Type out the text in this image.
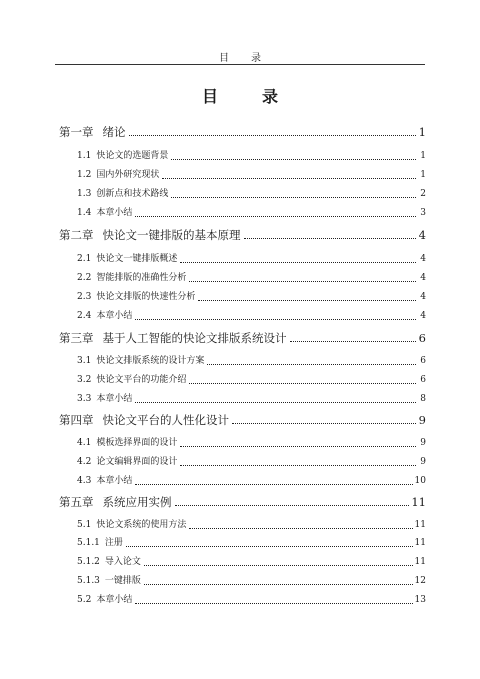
目　录
目　录
第一章 绪论	1
1.1 快论文的选题背景	1
1.2 国内外研究现状	1
1.3 创新点和技术路线	2
1.4 本章小结	3
第二章 快论文一键排版的基本原理	4
2.1 快论文一键排版概述	4
2.2 智能排版的准确性分析	4
2.3 快论文排版的快速性分析	4
2.4 本章小结	4
第三章 基于人工智能的快论文排版系统设计	6
3.1 快论文排版系统的设计方案	6
3.2 快论文平台的功能介绍	6
3.3 本章小结	8
第四章 快论文平台的人性化设计	9
4.1 模板选择界面的设计	9
4.2 论文编辑界面的设计	9
4.3 本章小结	10
第五章 系统应用实例	11
5.1 快论文系统的使用方法	11
5.1.1 注册	11
5.1.2 导入论文	11
5.1.3 一键排版	12
5.2 本章小结	13
